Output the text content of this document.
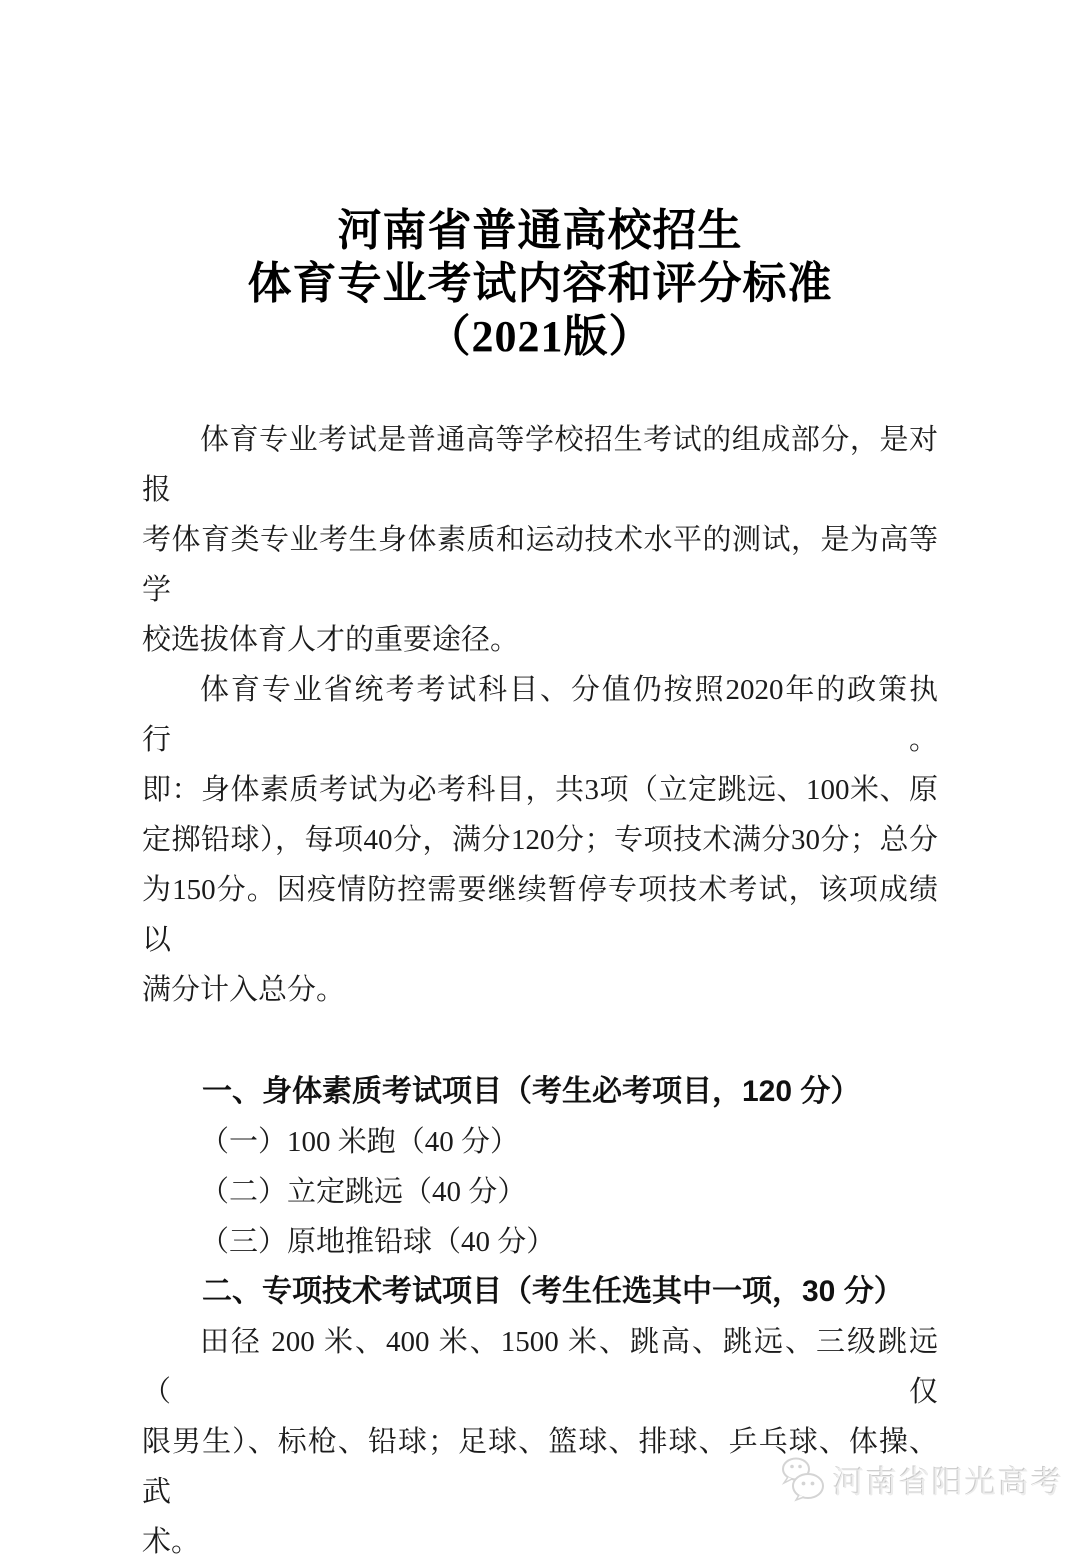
河南省普通高校招生
体育专业考试内容和评分标准
（2021版）
体育专业考试是普通高等学校招生考试的组成部分，是对报
考体育类专业考生身体素质和运动技术水平的测试，是为高等学
校选拔体育人才的重要途径。
体育专业省统考考试科目、分值仍按照2020年的政策执行。
即：身体素质考试为必考科目，共3项（立定跳远、100米、原
定掷铅球），每项40分，满分120分；专项技术满分30分；总分
为150分。因疫情防控需要继续暂停专项技术考试，该项成绩以
满分计入总分。
一、身体素质考试项目（考生必考项目，120 分）
（一）100 米跑（40 分）
（二）立定跳远（40 分）
（三）原地推铅球（40 分）
二、专项技术考试项目（考生任选其中一项，30 分）
田径 200 米、400 米、1500 米、跳高、跳远、三级跳远（仅
限男生）、标枪、铅球；足球、篮球、排球、乒乓球、体操、武
术。
河南省阳光高考
